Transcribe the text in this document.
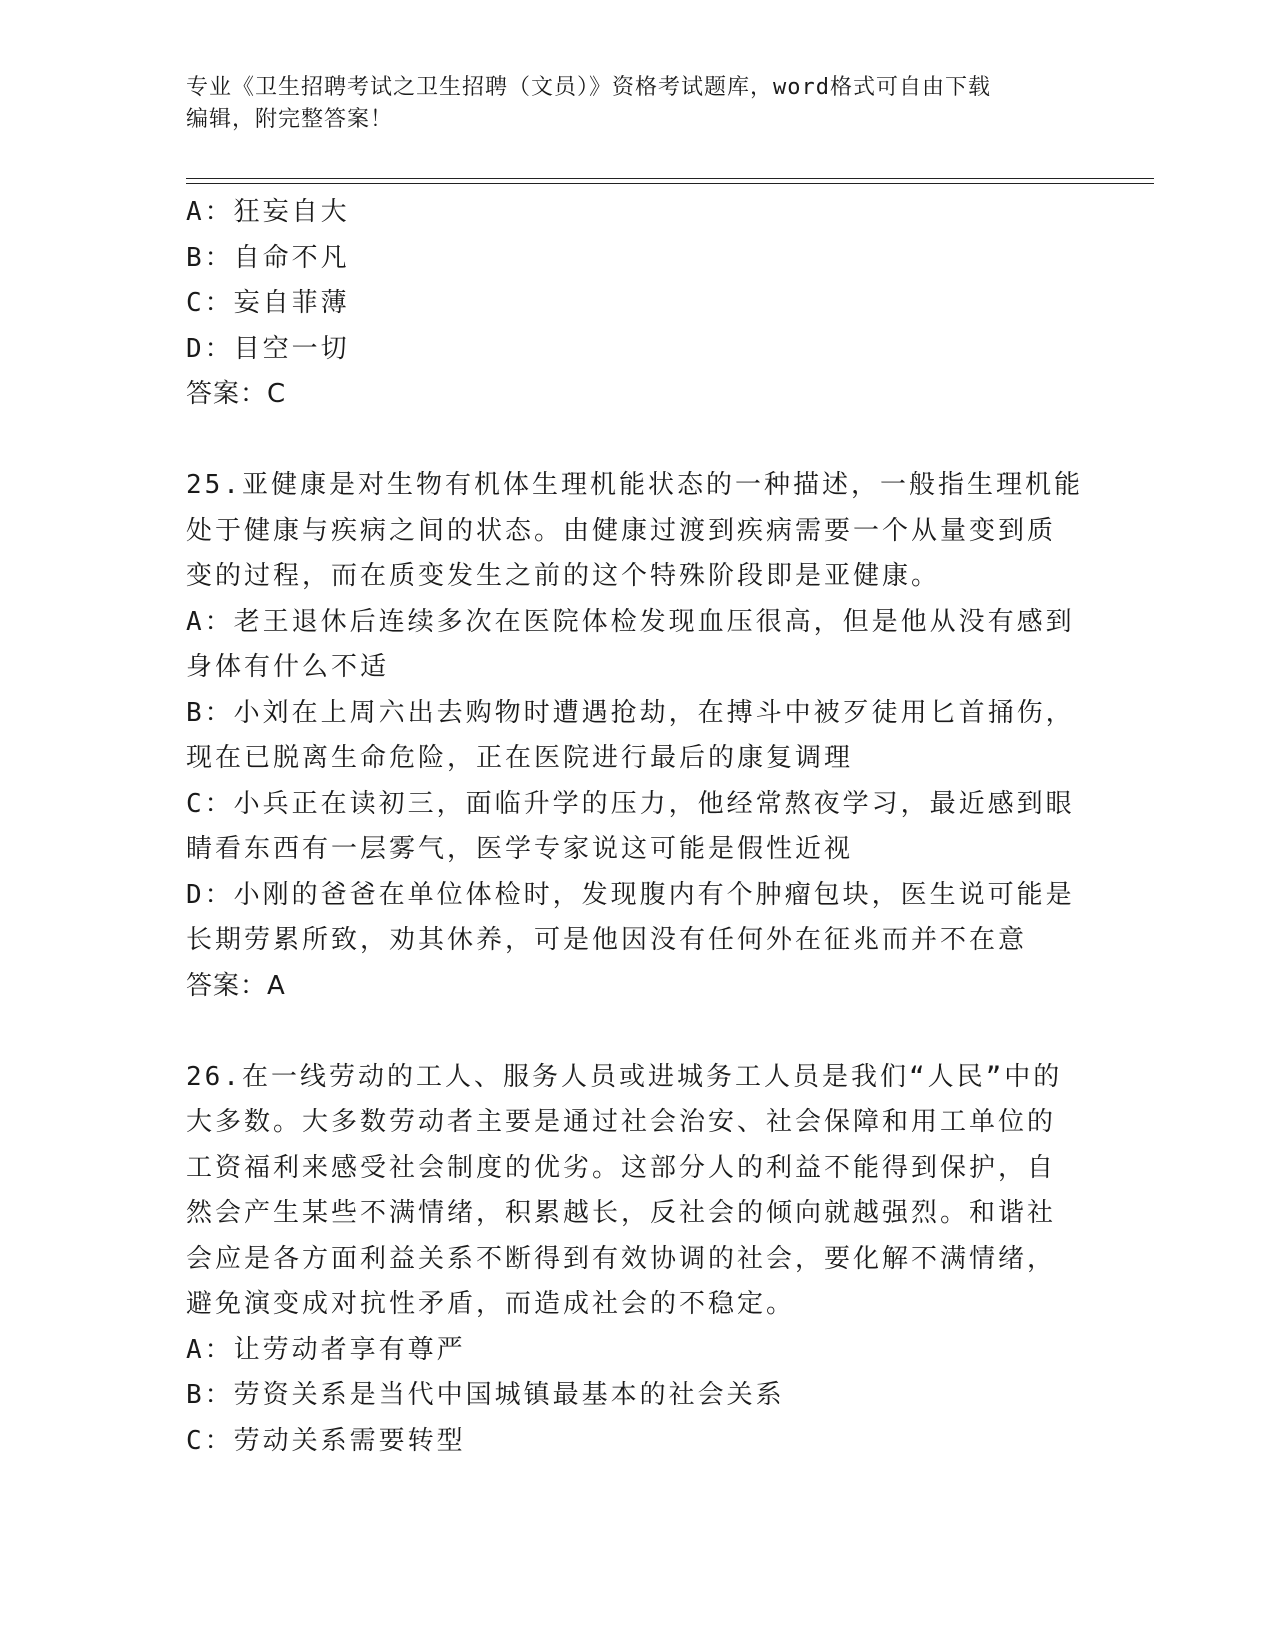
专业《卫生招聘考试之卫生招聘（文员）》资格考试题库，word格式可自由下载
编辑，附完整答案！
A：狂妄自大
B：自命不凡
C：妄自菲薄
D：目空一切
答案：C
25.亚健康是对生物有机体生理机能状态的一种描述，一般指生理机能
处于健康与疾病之间的状态。由健康过渡到疾病需要一个从量变到质
变的过程，而在质变发生之前的这个特殊阶段即是亚健康。
A：老王退休后连续多次在医院体检发现血压很高，但是他从没有感到
身体有什么不适
B：小刘在上周六出去购物时遭遇抢劫，在搏斗中被歹徒用匕首捅伤，
现在已脱离生命危险，正在医院进行最后的康复调理
C：小兵正在读初三，面临升学的压力，他经常熬夜学习，最近感到眼
睛看东西有一层雾气，医学专家说这可能是假性近视
D：小刚的爸爸在单位体检时，发现腹内有个肿瘤包块，医生说可能是
长期劳累所致，劝其休养，可是他因没有任何外在征兆而并不在意
答案：A
26.在一线劳动的工人、服务人员或进城务工人员是我们“人民”中的
大多数。大多数劳动者主要是通过社会治安、社会保障和用工单位的
工资福利来感受社会制度的优劣。这部分人的利益不能得到保护，自
然会产生某些不满情绪，积累越长，反社会的倾向就越强烈。和谐社
会应是各方面利益关系不断得到有效协调的社会，要化解不满情绪，
避免演变成对抗性矛盾，而造成社会的不稳定。
A：让劳动者享有尊严
B：劳资关系是当代中国城镇最基本的社会关系
C：劳动关系需要转型
